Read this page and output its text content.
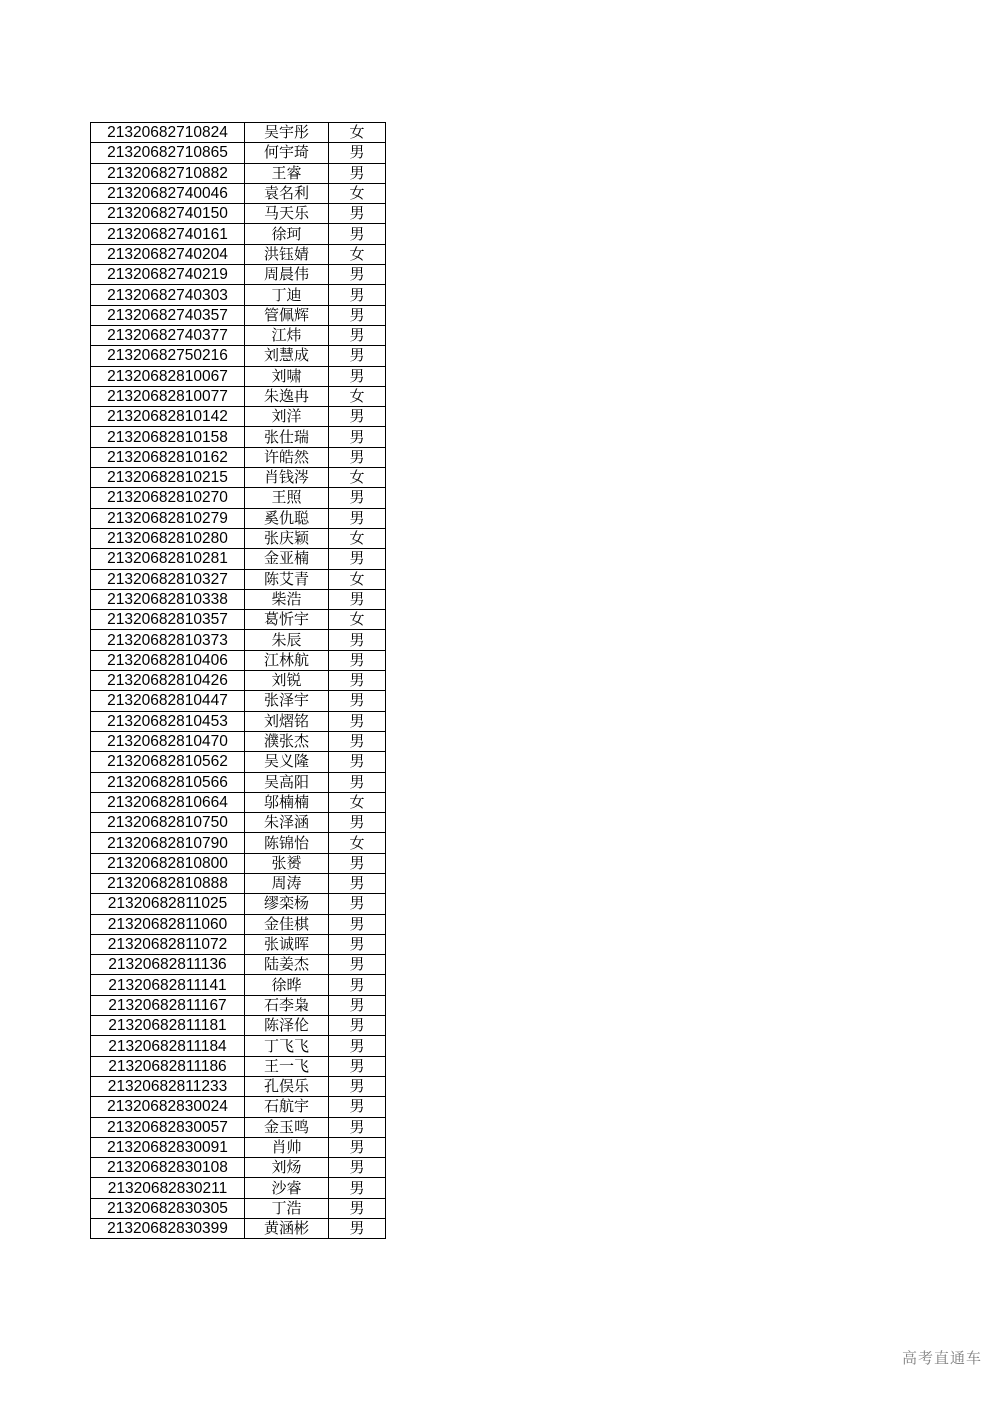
21320682710824	吴宇彤	女
21320682710865	何宇琦	男
21320682710882	王睿	男
21320682740046	袁名利	女
21320682740150	马天乐	男
21320682740161	徐珂	男
21320682740204	洪钰婧	女
21320682740219	周晨伟	男
21320682740303	丁迪	男
21320682740357	管佩辉	男
21320682740377	江炜	男
21320682750216	刘慧成	男
21320682810067	刘啸	男
21320682810077	朱逸冉	女
21320682810142	刘洋	男
21320682810158	张仕瑞	男
21320682810162	许皓然	男
21320682810215	肖钱涔	女
21320682810270	王照	男
21320682810279	奚仇聪	男
21320682810280	张庆颖	女
21320682810281	金亚楠	男
21320682810327	陈艾青	女
21320682810338	柴浩	男
21320682810357	葛忻宇	女
21320682810373	朱辰	男
21320682810406	江林航	男
21320682810426	刘锐	男
21320682810447	张泽宇	男
21320682810453	刘熠铭	男
21320682810470	濮张杰	男
21320682810562	吴义隆	男
21320682810566	吴高阳	男
21320682810664	邬楠楠	女
21320682810750	朱泽涵	男
21320682810790	陈锦怡	女
21320682810800	张赟	男
21320682810888	周涛	男
21320682811025	缪栾杨	男
21320682811060	金佳棋	男
21320682811072	张诚晖	男
21320682811136	陆姜杰	男
21320682811141	徐晔	男
21320682811167	石李枭	男
21320682811181	陈泽伦	男
21320682811184	丁飞飞	男
21320682811186	王一飞	男
21320682811233	孔俣乐	男
21320682830024	石航宇	男
21320682830057	金玉鸣	男
21320682830091	肖帅	男
21320682830108	刘炀	男
21320682830211	沙睿	男
21320682830305	丁浩	男
21320682830399	黄涵彬	男
高考直通车
